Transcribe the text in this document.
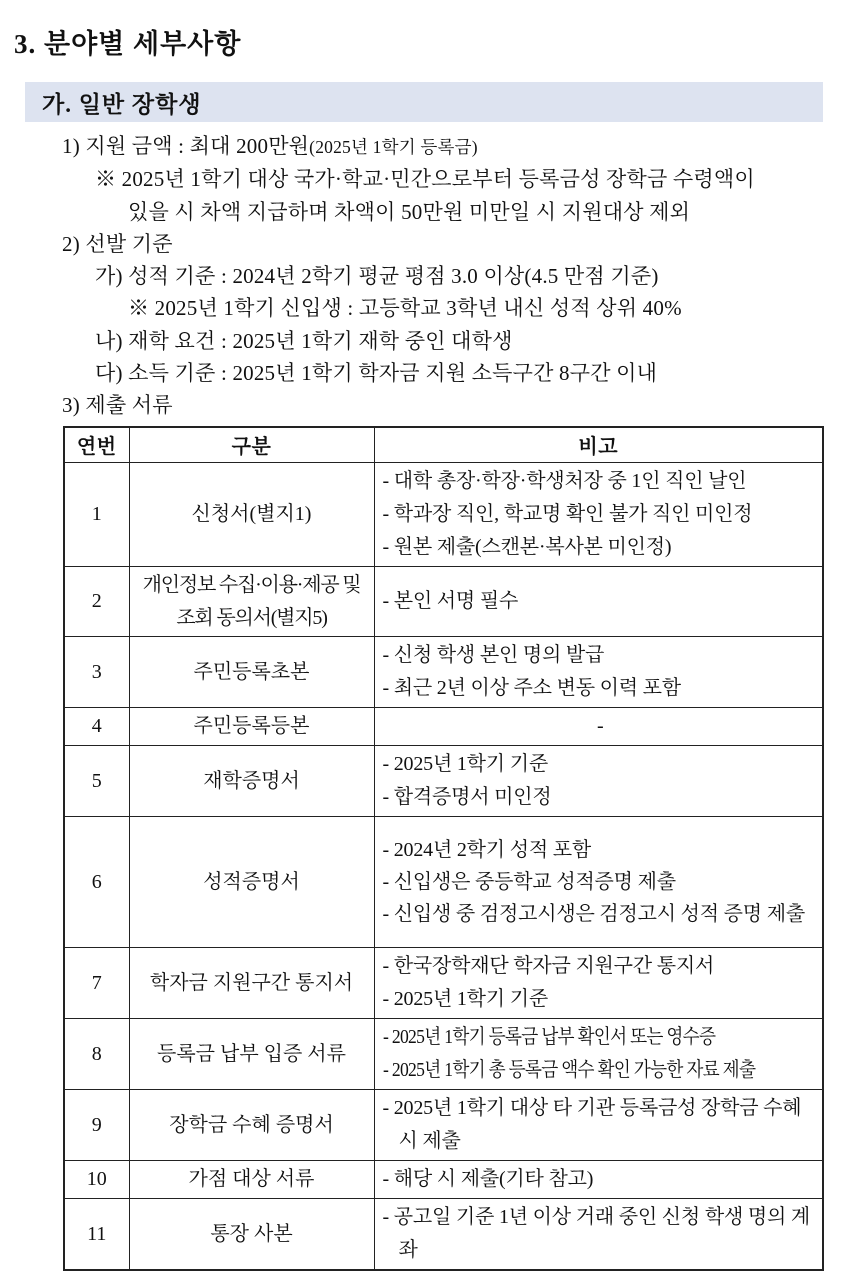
3. 분야별 세부사항
가. 일반 장학생
1) 지원 금액 : 최대 200만원(2025년 1학기 등록금)
※ 2025년 1학기 대상 국가·학교·민간으로부터 등록금성 장학금 수령액이
있을 시 차액 지급하며 차액이 50만원 미만일 시 지원대상 제외
2) 선발 기준
가) 성적 기준 : 2024년 2학기 평균 평점 3.0 이상(4.5 만점 기준)
※ 2025년 1학기 신입생 : 고등학교 3학년 내신 성적 상위 40%
나) 재학 요건 : 2025년 1학기 재학 중인 대학생
다) 소득 기준 : 2025년 1학기 학자금 지원 소득구간 8구간 이내
3) 제출 서류
연번	구분	비고
1	신청서(별지1)	- 대학 총장·학장·학생처장 중 1인 직인 날인
- 학과장 직인, 학교명 확인 불가 직인 미인정
- 원본 제출(스캔본·복사본 미인정)

2	개인정보 수집·이용·제공 및 조회 동의서(별지5)	- 본인 서명 필수

3	주민등록초본	- 신청 학생 본인 명의 발급
- 최근 2년 이상 주소 변동 이력 포함

4	주민등록등본	-

5	재학증명서	- 2025년 1학기 기준
- 합격증명서 미인정

6	성적증명서	- 2024년 2학기 성적 포함
- 신입생은 중등학교 성적증명 제출
- 신입생 중 검정고시생은 검정고시 성적 증명 제출

7	학자금 지원구간 통지서	- 한국장학재단 학자금 지원구간 통지서
- 2025년 1학기 기준

8	등록금 납부 입증 서류	- 2025년 1학기 등록금 납부 확인서 또는 영수증
- 2025년 1학기 총 등록금 액수 확인 가능한 자료 제출

9	장학금 수혜 증명서	- 2025년 1학기 대상 타 기관 등록금성 장학금 수혜 시 제출

10	가점 대상 서류	- 해당 시 제출(기타 참고)

11	통장 사본	- 공고일 기준 1년 이상 거래 중인 신청 학생 명의 계좌
